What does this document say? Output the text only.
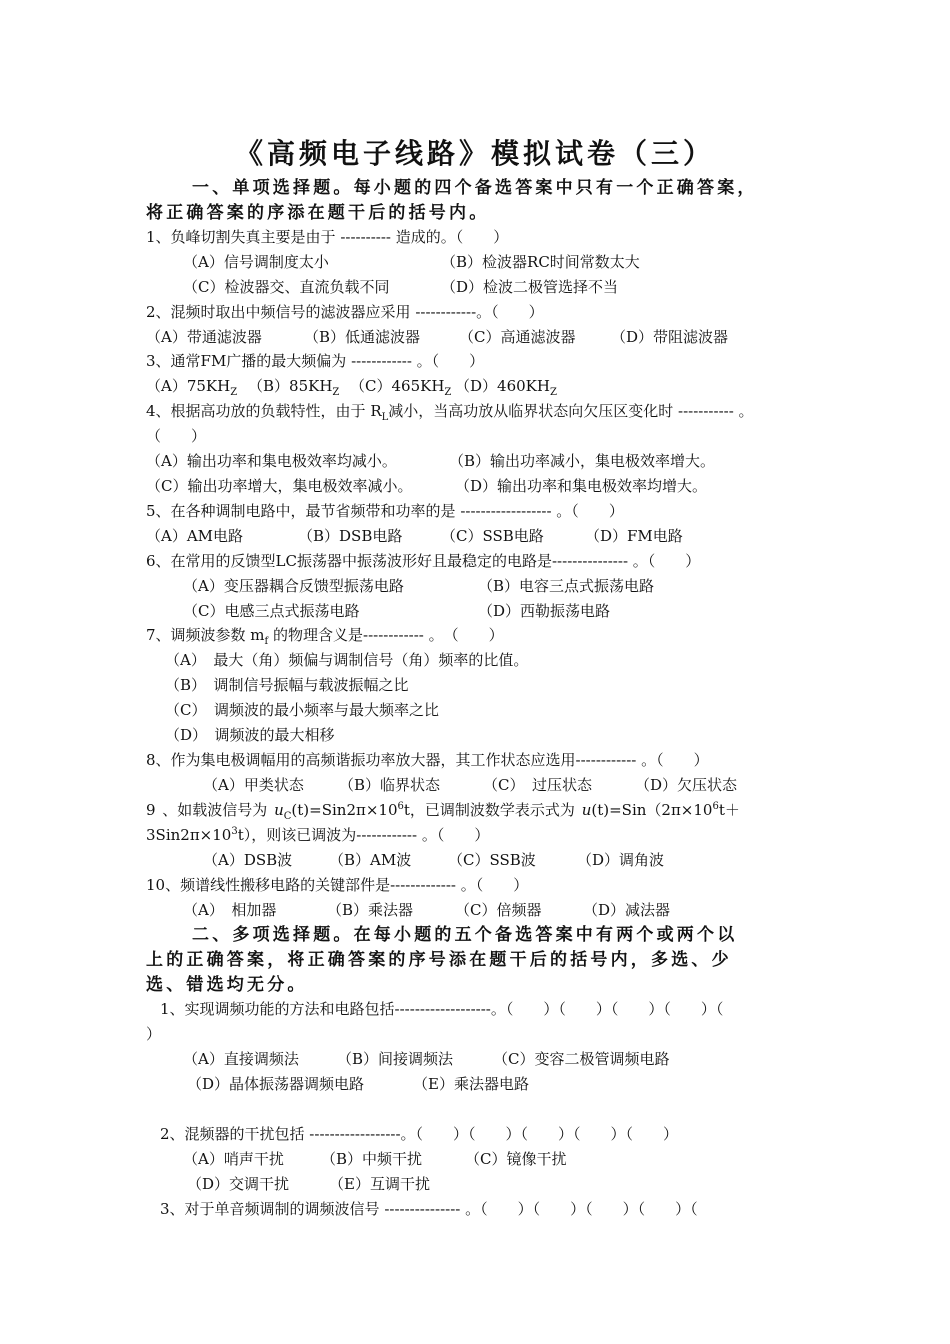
《高频电子线路》模拟试卷（三）
一、单项选择题。每小题的四个备选答案中只有一个正确答案，
将正确答案的序添在题干后的括号内。
1、负峰切割失真主要是由于 ---------- 造成的。（　　）
（A）信号调制度太小	（B）检波器RC时间常数太大
（C）检波器交、直流负载不同	（D）检波二极管选择不当
2、混频时取出中频信号的滤波器应采用 ------------。（　　）
（A）带通滤波器	（B）低通滤波器	（C）高通滤波器 （D）带阻滤波器
3、通常FM广播的最大频偏为 ------------ 。（　　）
$(A)75KH_Z$ $(B)85KH_Z$ $(C)465KH_Z$ $(D)460KH_Z$
4、根据高功放的负载特性，由于 $R_L$减小，当高功放从临界状态向欠压区变化时 ----------- 。
（　　）
（A）输出功率和集电极效率均减小。	（B）输出功率减小，集电极效率增大。
（C）输出功率增大，集电极效率减小。	（D）输出功率和集电极效率均增大。
5、在各种调制电路中，最节省频带和功率的是 ------------------ 。（　　）
（A）AM电路	（B）DSB电路	（C）SSB电路	（D）FM电路
6、在常用的反馈型LC振荡器中振荡波形好且最稳定的电路是--------------- 。（　　）
（A）变压器耦合反馈型振荡电路	（B）电容三点式振荡电路
（C）电感三点式振荡电路	（D）西勒振荡电路
7、调频波参数 $m_f$ 的物理含义是------------ 。　（　　）
（A）　最大（角）频偏与调制信号（角）频率的比值。
（B）　调制信号振幅与载波振幅之比
（C）　调频波的最小频率与最大频率之比
（D）　调频波的最大相移
8、作为集电极调幅用的高频谐振功率放大器，其工作状态应选用------------ 。（　　）
（A）甲类状态 （B）临界状态	（C）　过压状态	（D）欠压状态
9 、如载波信号为 $u_C(t)=Sin2\pi\times 10^6t$，已调制波数学表示式为 $u(t)=Sin(2\pi\times 10^6t+$
$3Sin2\pi\times 10^3t$），则该已调波为------------ 。（　　）
（A）DSB波 （B）AM波 （C）SSB波	（D）调角波
10、频谱线性搬移电路的关键部件是------------- 。（　　）
（A）　相加器	（B）乘法器	（C）倍频器	（D）减法器
二、多项选择题。在每小题的五个备选答案中有两个或两个以
上的正确答案，将正确答案的序号添在题干后的括号内，多选、少
选、错选均无分。
1、实现调频功能的方法和电路包括-------------------。（　　）（　　）（　　）（　　）（
）
（A）直接调频法	（B）间接调频法	（C）变容二极管调频电路
（D）晶体振荡器调频电路	（E）乘法器电路
2、混频器的干扰包括 ------------------。（　　）（　　）（　　）（　　）（　　）
（A）哨声干扰 （B）中频干扰	（C）镜像干扰
（D）交调干扰	（E）互调干扰
3、对于单音频调制的调频波信号 --------------- 。（　　）（　　）（　　）（　　）（
